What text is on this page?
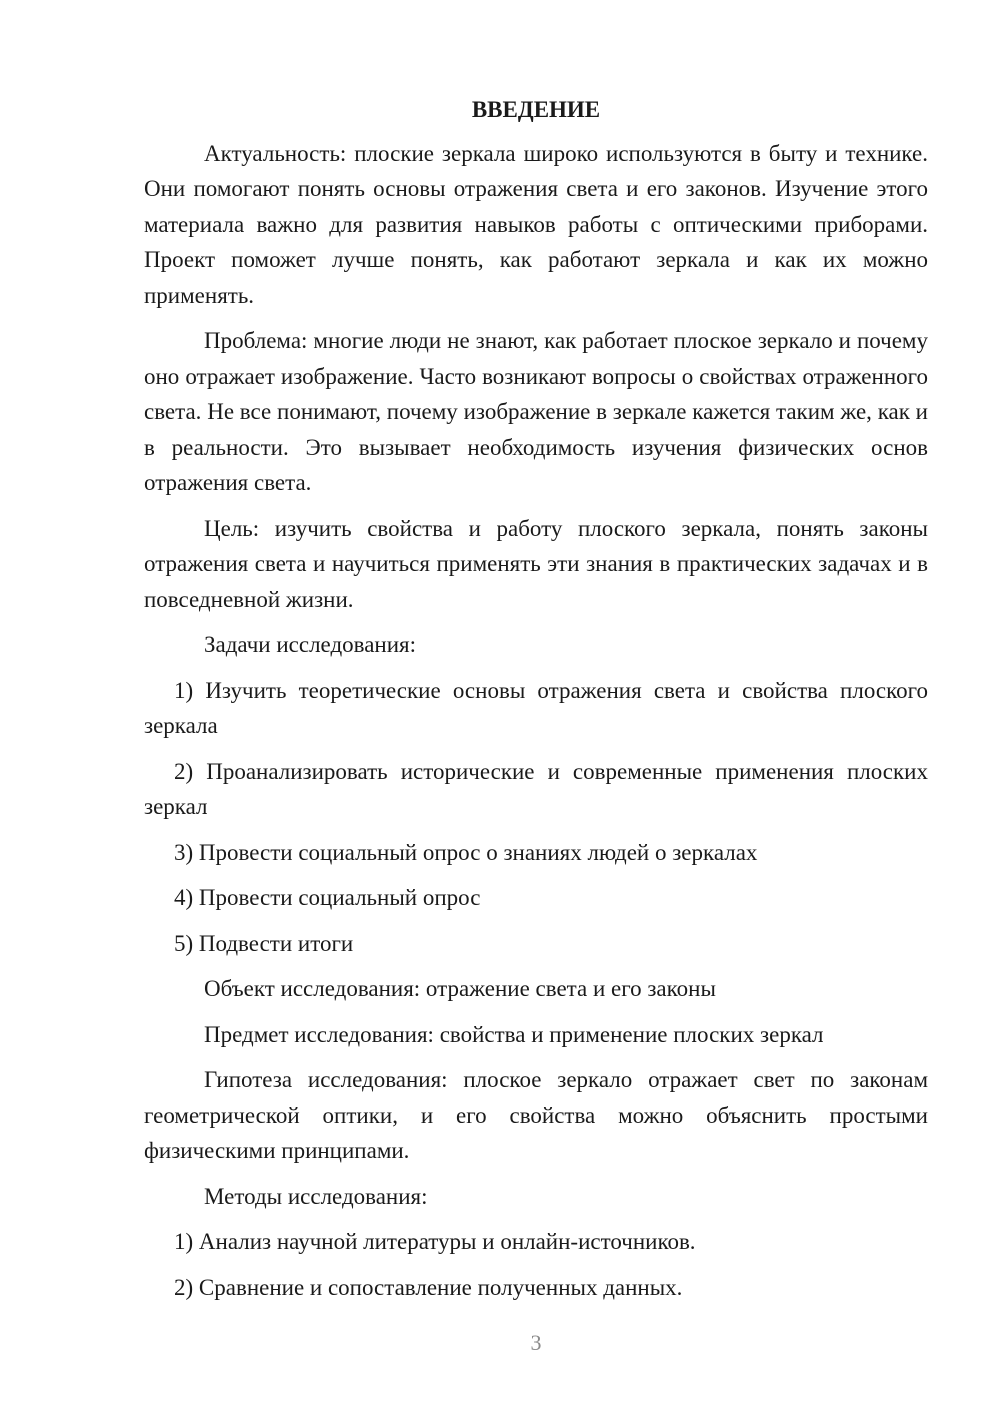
ВВЕДЕНИЕ

Актуальность: плоские зеркала широко используются в быту и технике. Они помогают понять основы отражения света и его законов. Изучение этого материала важно для развития навыков работы с оптическими приборами. Проект поможет лучше понять, как работают зеркала и как их можно применять.

Проблема: многие люди не знают, как работает плоское зеркало и почему оно отражает изображение. Часто возникают вопросы о свойствах отраженного света. Не все понимают, почему изображение в зеркале кажется таким же, как и в реальности. Это вызывает необходимость изучения физических основ отражения света.

Цель: изучить свойства и работу плоского зеркала, понять законы отражения света и научиться применять эти знания в практических задачах и в повседневной жизни.

Задачи исследования:

1) Изучить теоретические основы отражения света и свойства плоского зеркала

2) Проанализировать исторические и современные применения плоских зеркал

3) Провести социальный опрос о знаниях людей о зеркалах

4) Провести социальный опрос

5) Подвести итоги

Объект исследования: отражение света и его законы

Предмет исследования: свойства и применение плоских зеркал

Гипотеза исследования: плоское зеркало отражает свет по законам геометрической оптики, и его свойства можно объяснить простыми физическими принципами.

Методы исследования:

1) Анализ научной литературы и онлайн-источников.

2) Сравнение и сопоставление полученных данных.

3
